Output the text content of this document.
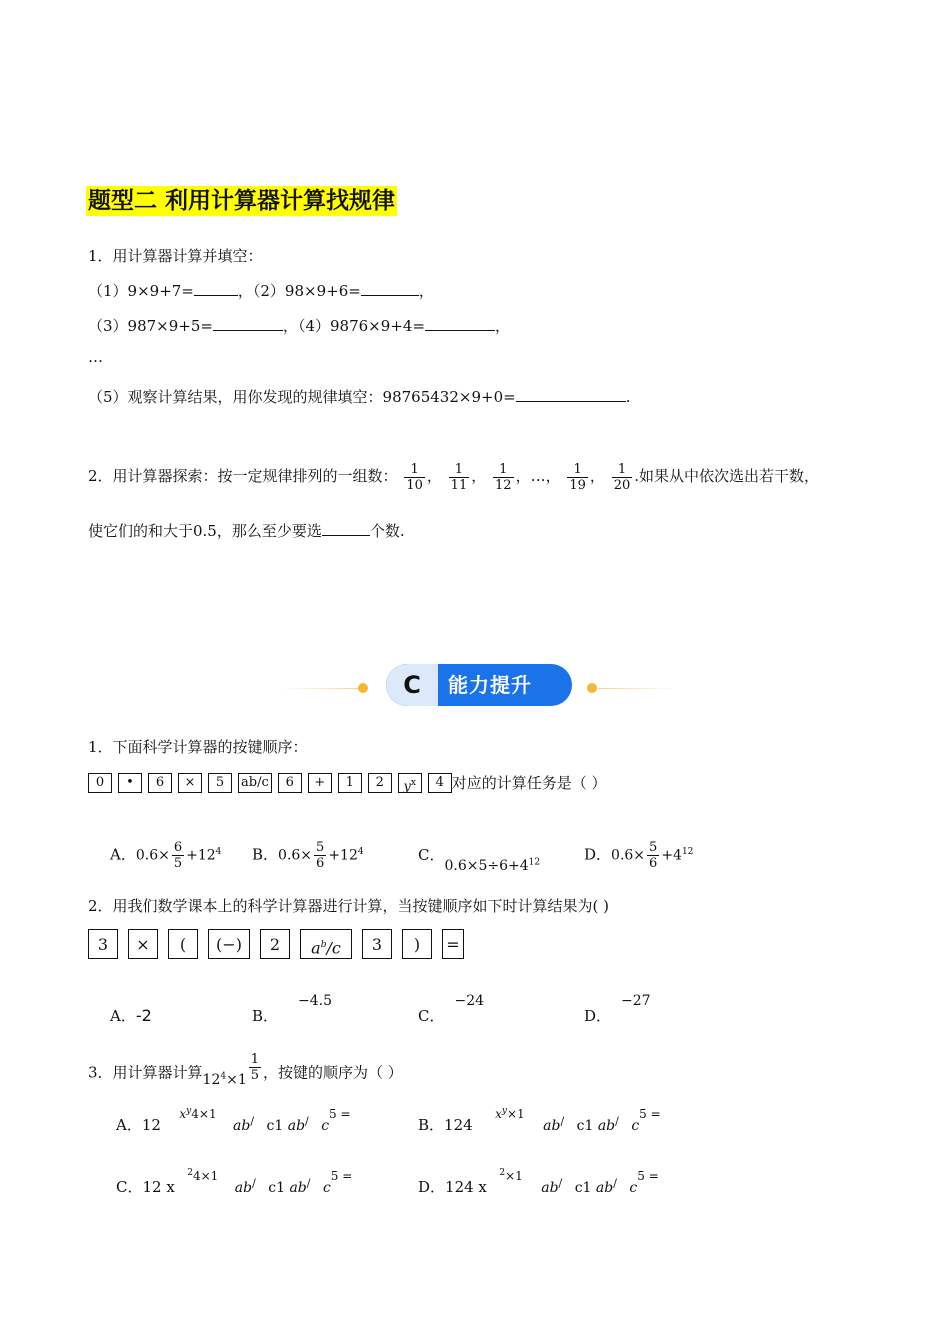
题型二 利用计算器计算找规律
1．用计算器计算并填空：
（1）9×9+7=	，（2）98×9+6=	，
（3）987×9+5=	，（4）9876×9+4=	，
…
（5）观察计算结果，用你发现的规律填空：98765432×9+0=	.
2．用计算器探索：按一定规律排列的一组数： $\frac{1}{10}$ ， $\frac{1}{11}$ ， $\frac{1}{12}$ ，…， $\frac{1}{19}$ ， $\frac{1}{20}$ .如果从中依次选出若干数，
使它们的和大于0.5，那么至少要选	个数.
C	能力提升
1．下面科学计算器的按键顺序：
0 • 6 × 5 ab/c 6 + 1 2 $y^x$ 4 对应的计算任务是（ ）
A．$0.6\times \frac{6}{5} +12^4$ B．$0.6\times \frac{5}{6} +12^4$	C．$0.6\times 5\div 6+4^{12}$	D．$0.6\times \frac{5}{6} +4^{12}$
2．用我们数学课本上的科学计算器进行计算，当按键顺序如下时计算结果为( )
3 × ( (−) 2 $a^b/c$ 3 ) =
A．-2	B．−4.5
C．−24
D．−27
3．用计算器计算$12^4\times 1 \frac{1}{5}$ ，按键的顺序为（ ）
A．12 $x^y4\times 1$ ab/ c1 ab/ c5 =
B．124 $x^y\times 1$ ab/ c1 ab/ c5 =
C．12 x $^2$4×1 ab/ c1 ab/ c5 =
D．124 x $^2$×1 ab/ c1 ab/ c5 =
